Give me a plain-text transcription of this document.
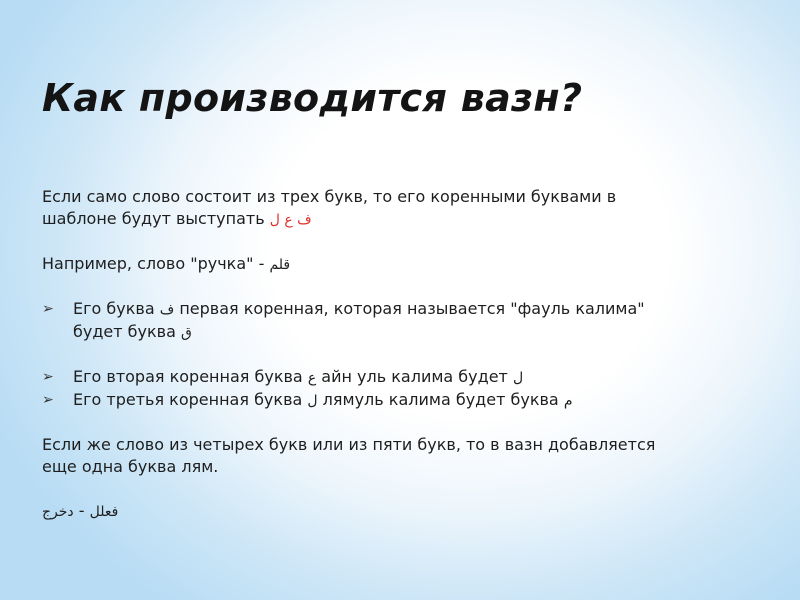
Как производится вазн?

Если само слово состоит из трех букв, то его коренными буквами в
шаблоне будут выступать ف ع ل

Например, слово "ручка" - قلم

➢ Его буква ف первая коренная, которая называется "фауль калима"
будет буква ق
➢ Его вторая коренная буква ع айн уль калима будет ل
➢ Его третья коренная буква ل лямуль калима будет буква م

Если же слово из четырех букв или из пяти букв, то в вазн добавляется
еще одна буква лям.

دخرج - فعلل
